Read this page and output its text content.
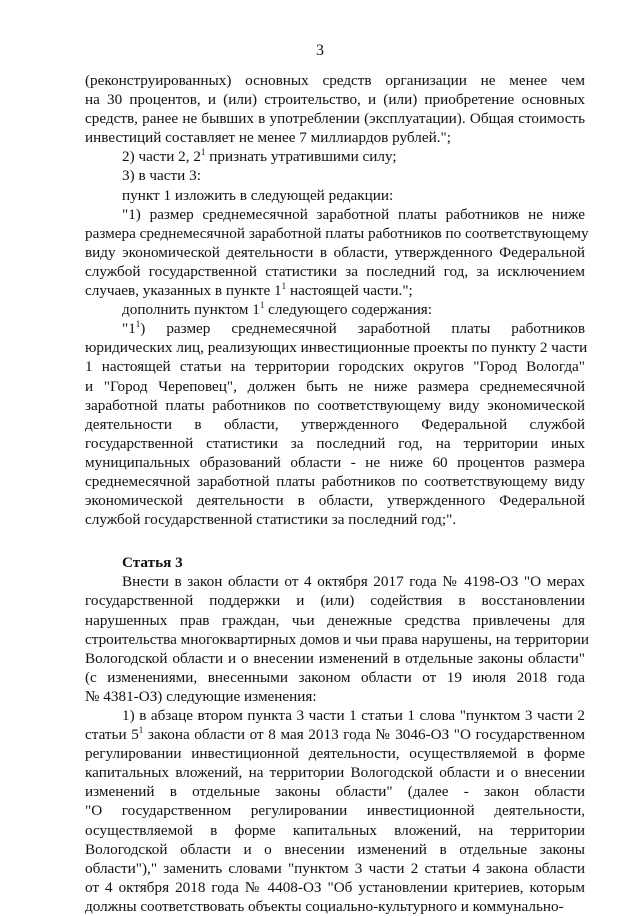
3
(реконструированных) основных средств организации не менее чем
на 30 процентов, и (или) строительство, и (или) приобретение основных
средств, ранее не бывших в употреблении (эксплуатации). Общая стоимость
инвестиций составляет не менее 7 миллиардов рублей.";
2) части 2, $2^1$ признать утратившими силу;
3) в части 3:
пункт 1 изложить в следующей редакции:
"1) размер среднемесячной заработной платы работников не ниже
размера среднемесячной заработной платы работников по соответствующему
виду экономической деятельности в области, утвержденного Федеральной
службой государственной статистики за последний год, за исключением
случаев, указанных в пункте $1^1$ настоящей части.";
дополнить пунктом $1^1$ следующего содержания:
"$1^1$) размер среднемесячной заработной платы работников
юридических лиц, реализующих инвестиционные проекты по пункту 2 части
1 настоящей статьи на территории городских округов "Город Вологда"
и "Город Череповец", должен быть не ниже размера среднемесячной
заработной платы работников по соответствующему виду экономической
деятельности в области, утвержденного Федеральной службой
государственной статистики за последний год, на территории иных
муниципальных образований области - не ниже 60 процентов размера
среднемесячной заработной платы работников по соответствующему виду
экономической деятельности в области, утвержденного Федеральной
службой государственной статистики за последний год;".
Статья 3
Внести в закон области от 4 октября 2017 года № 4198-ОЗ "О мерах
государственной поддержки и (или) содействия в восстановлении
нарушенных прав граждан, чьи денежные средства привлечены для
строительства многоквартирных домов и чьи права нарушены, на территории
Вологодской области и о внесении изменений в отдельные законы области"
(с изменениями, внесенными законом области от 19 июля 2018 года
№ 4381-ОЗ) следующие изменения:
1) в абзаце втором пункта 3 части 1 статьи 1 слова "пунктом 3 части 2
статьи $5^1$ закона области от 8 мая 2013 года № 3046-ОЗ "О государственном
регулировании инвестиционной деятельности, осуществляемой в форме
капитальных вложений, на территории Вологодской области и о внесении
изменений в отдельные законы области" (далее - закон области
"О государственном регулировании инвестиционной деятельности,
осуществляемой в форме капитальных вложений, на территории
Вологодской области и о внесении изменений в отдельные законы
области")," заменить словами "пунктом 3 части 2 статьи 4 закона области
от 4 октября 2018 года № 4408-ОЗ "Об установлении критериев, которым
должны соответствовать объекты социально-культурного и коммунально-
